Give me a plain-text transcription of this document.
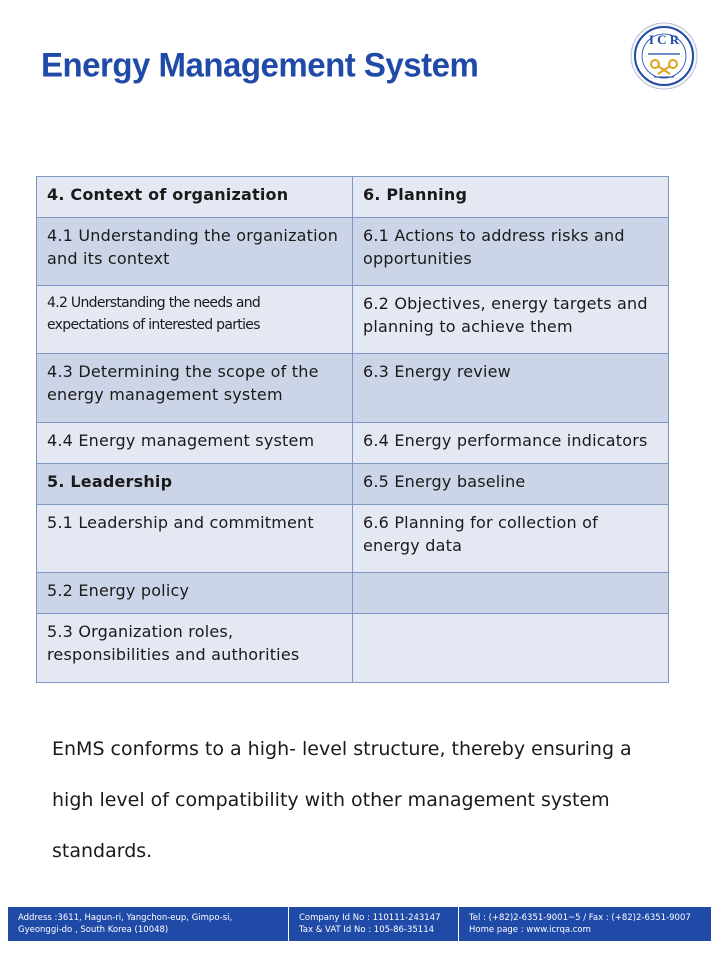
Energy Management System
I C R
4. Context of organization	6. Planning
4.1 Understanding the organization and its context	6.1 Actions to address risks and opportunities
4.2 Understanding the needs and expectations of interested parties	6.2 Objectives, energy targets and planning to achieve them
4.3 Determining the scope of the energy management system	6.3 Energy review
4.4 Energy management system	6.4 Energy performance indicators
5. Leadership	6.5 Energy baseline
5.1 Leadership and commitment	6.6 Planning for collection of energy data
5.2 Energy policy	
5.3 Organization roles, responsibilities and authorities	

EnMS conforms to a high- level structure, thereby ensuring a high level of compatibility with other management system standards.

Address :3611, Hagun-ri, Yangchon-eup, Gimpo-si,
Gyeonggi-do , South Korea (10048)
Company Id No : 110111-243147
Tax & VAT Id No : 105-86-35114
Tel : (+82)2-6351-9001~5 / Fax : (+82)2-6351-9007
Home page : www.icrqa.com
